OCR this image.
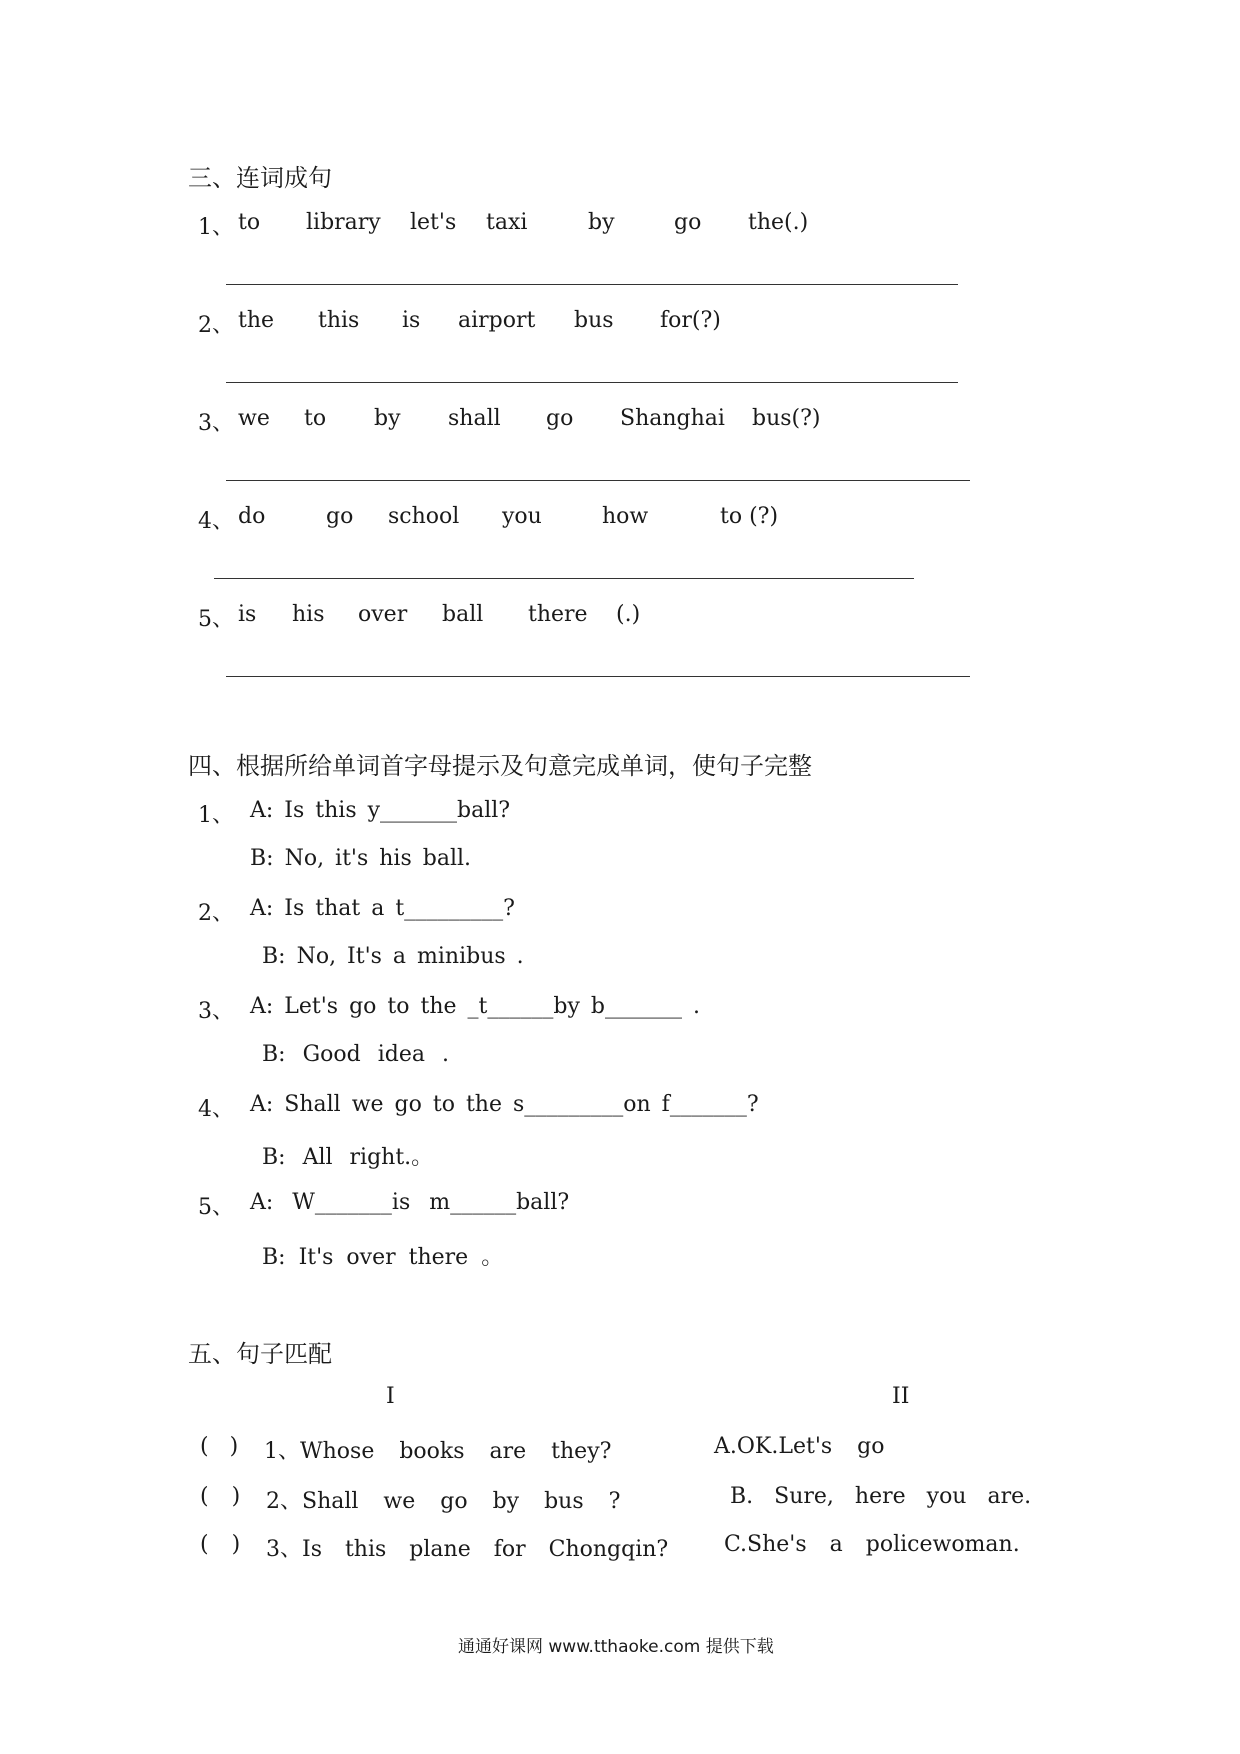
三、连词成句
1、 to library let's taxi	by	go the(.)
2、 the this is airport bus for(?)
3、 we to by shall go Shanghai bus(?)
4、 do	go school you	how	to (?)
5、 is his over ball there (.)
四、根据所给单词首字母提示及句意完成单词，使句子完整
1、 A: Is this y_______ball?
B: No, it's his ball.
2、 A: Is that a t_________?
B: No, It's a minibus .
3、 A: Let's go to the _t______by b_______ .
B: Good idea .
4、 A: Shall we go to the s_________on f_______?
B: All right.。
5、 A: W_______is m______ball?
B: It's over there 。
五、句子匹配
I	II
( ) 1、Whose books are they?	A.OK.Let's go
( ) 2、Shall we go by bus ?	B. Sure, here you are.
( ) 3、Is this plane for Chongqin?	C.She's a policewoman.
通通好课网 www.tthaoke.com 提供下载
